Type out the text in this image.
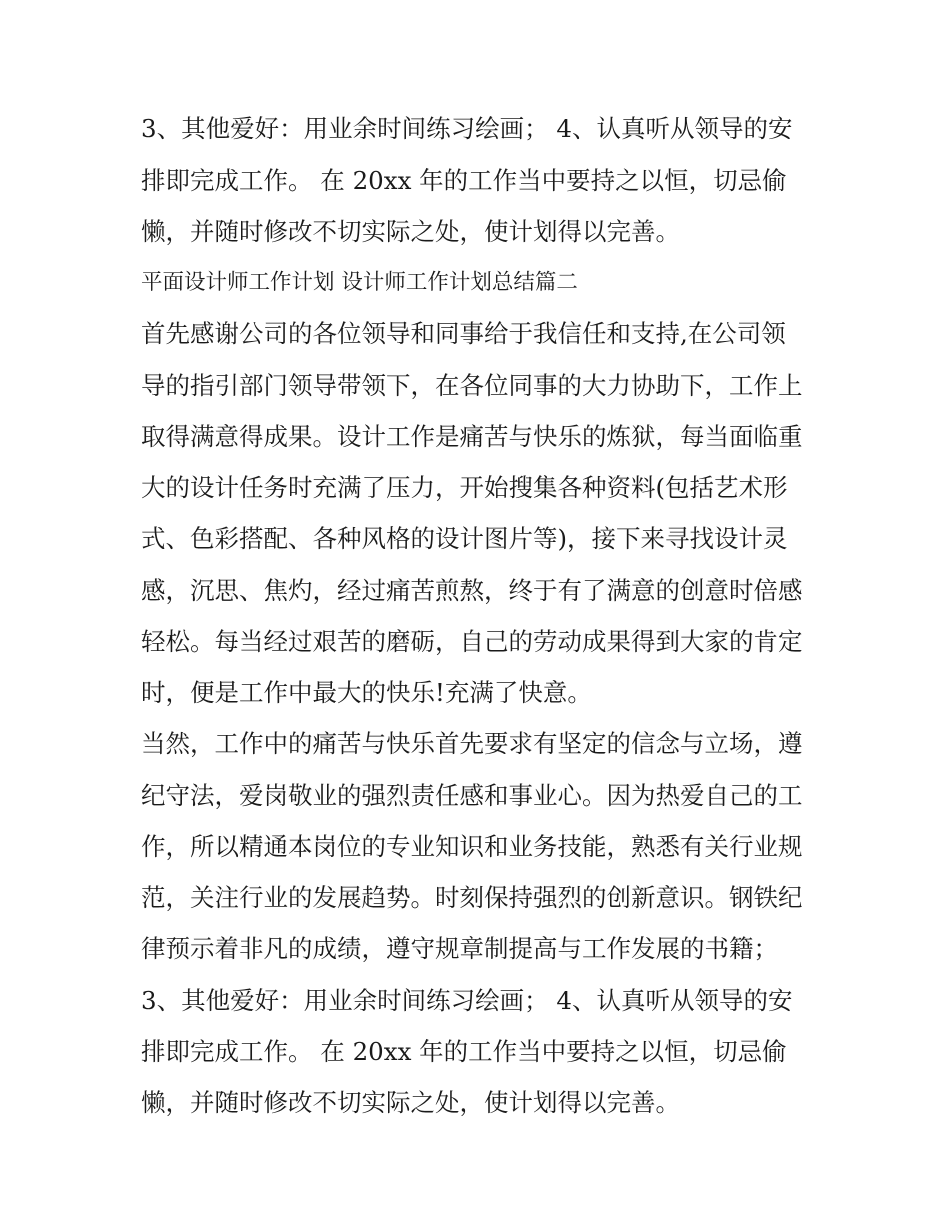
3、其他爱好：用业余时间练习绘画； 4、认真听从领导的安
排即完成工作。 在 20xx 年的工作当中要持之以恒，切忌偷
懒，并随时修改不切实际之处，使计划得以完善。
平面设计师工作计划 设计师工作计划总结篇二
首先感谢公司的各位领导和同事给于我信任和支持,在公司领
导的指引部门领导带领下，在各位同事的大力协助下，工作上
取得满意得成果。设计工作是痛苦与快乐的炼狱，每当面临重
大的设计任务时充满了压力，开始搜集各种资料(包括艺术形
式、色彩搭配、各种风格的设计图片等)，接下来寻找设计灵
感，沉思、焦灼，经过痛苦煎熬，终于有了满意的创意时倍感
轻松。每当经过艰苦的磨砺，自己的劳动成果得到大家的肯定
时，便是工作中最大的快乐!充满了快意。
当然，工作中的痛苦与快乐首先要求有坚定的信念与立场，遵
纪守法，爱岗敬业的强烈责任感和事业心。因为热爱自己的工
作，所以精通本岗位的专业知识和业务技能，熟悉有关行业规
范，关注行业的发展趋势。时刻保持强烈的创新意识。钢铁纪
律预示着非凡的成绩，遵守规章制提高与工作发展的书籍；
3、其他爱好：用业余时间练习绘画； 4、认真听从领导的安
排即完成工作。 在 20xx 年的工作当中要持之以恒，切忌偷
懒，并随时修改不切实际之处，使计划得以完善。
